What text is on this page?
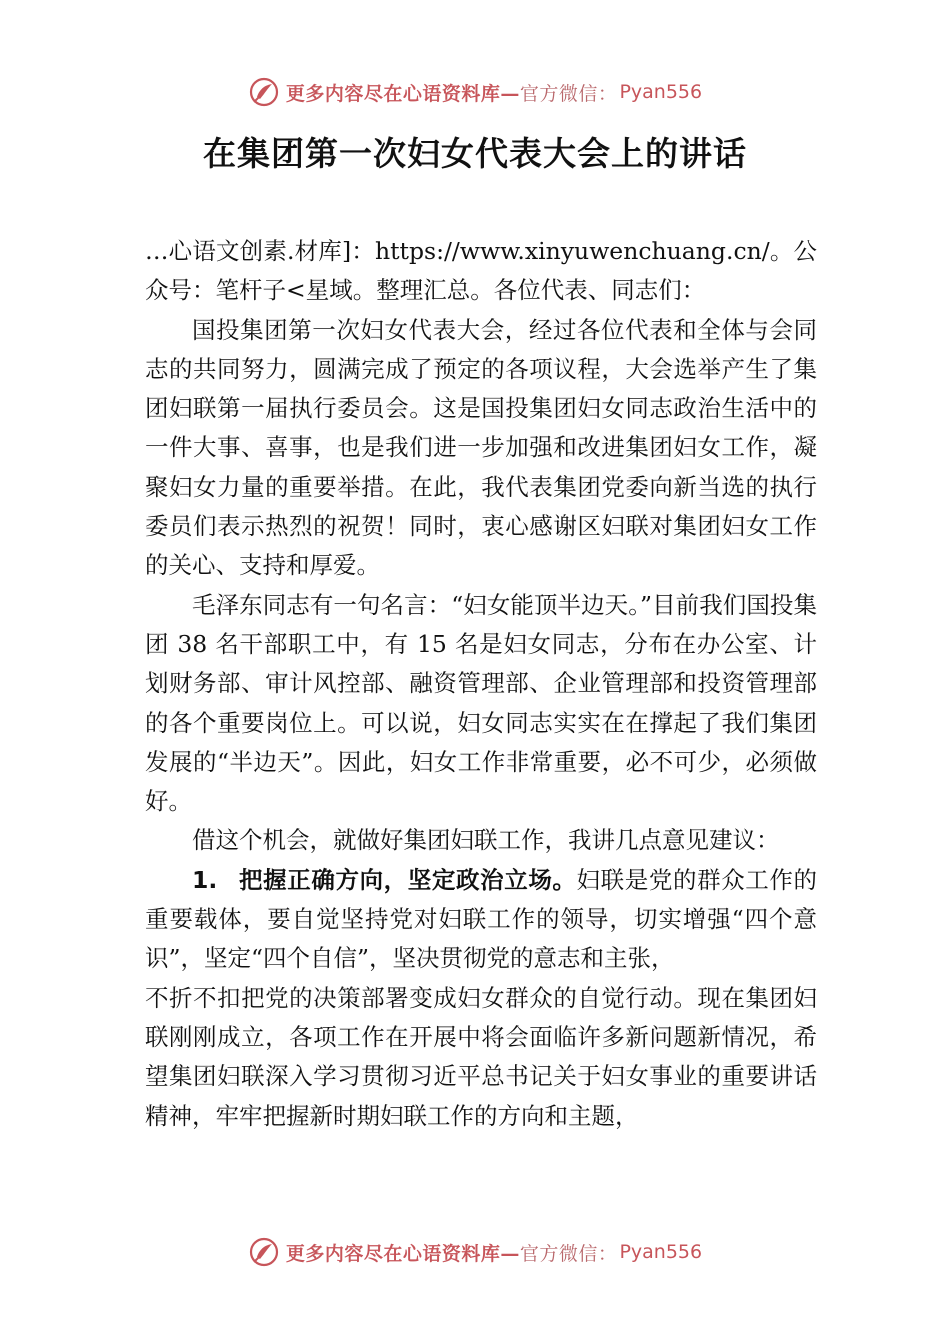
更多内容尽在心语资料库—官方微信： Pyan556
在集团第一次妇女代表大会上的讲话

…心语文创素.材库]：https://www.xinyuwenchuang.cn/。公众号：笔杆子<星域。整理汇总。各位代表、同志们：

国投集团第一次妇女代表大会，经过各位代表和全体与会同志的共同努力，圆满完成了预定的各项议程，大会选举产生了集团妇联第一届执行委员会。这是国投集团妇女同志政治生活中的一件大事、喜事，也是我们进一步加强和改进集团妇女工作，凝聚妇女力量的重要举措。在此，我代表集团党委向新当选的执行委员们表示热烈的祝贺！同时，衷心感谢区妇联对集团妇女工作的关心、支持和厚爱。

毛泽东同志有一句名言：“妇女能顶半边天。”目前我们国投集团 38 名干部职工中，有 15 名是妇女同志，分布在办公室、计划财务部、审计风控部、融资管理部、企业管理部和投资管理部的各个重要岗位上。可以说，妇女同志实实在在撑起了我们集团发展的“半边天”。因此，妇女工作非常重要，必不可少，必须做好。

借这个机会，就做好集团妇联工作，我讲几点意见建议：

1. 把握正确方向，坚定政治立场。妇联是党的群众工作的重要载体，要自觉坚持党对妇联工作的领导，切实增强“四个意识”，坚定“四个自信”，坚决贯彻党的意志和主张，

不折不扣把党的决策部署变成妇女群众的自觉行动。现在集团妇联刚刚成立，各项工作在开展中将会面临许多新问题新情况，希望集团妇联深入学习贯彻习近平总书记关于妇女事业的重要讲话精神，牢牢把握新时期妇联工作的方向和主题，

更多内容尽在心语资料库—官方微信： Pyan556
